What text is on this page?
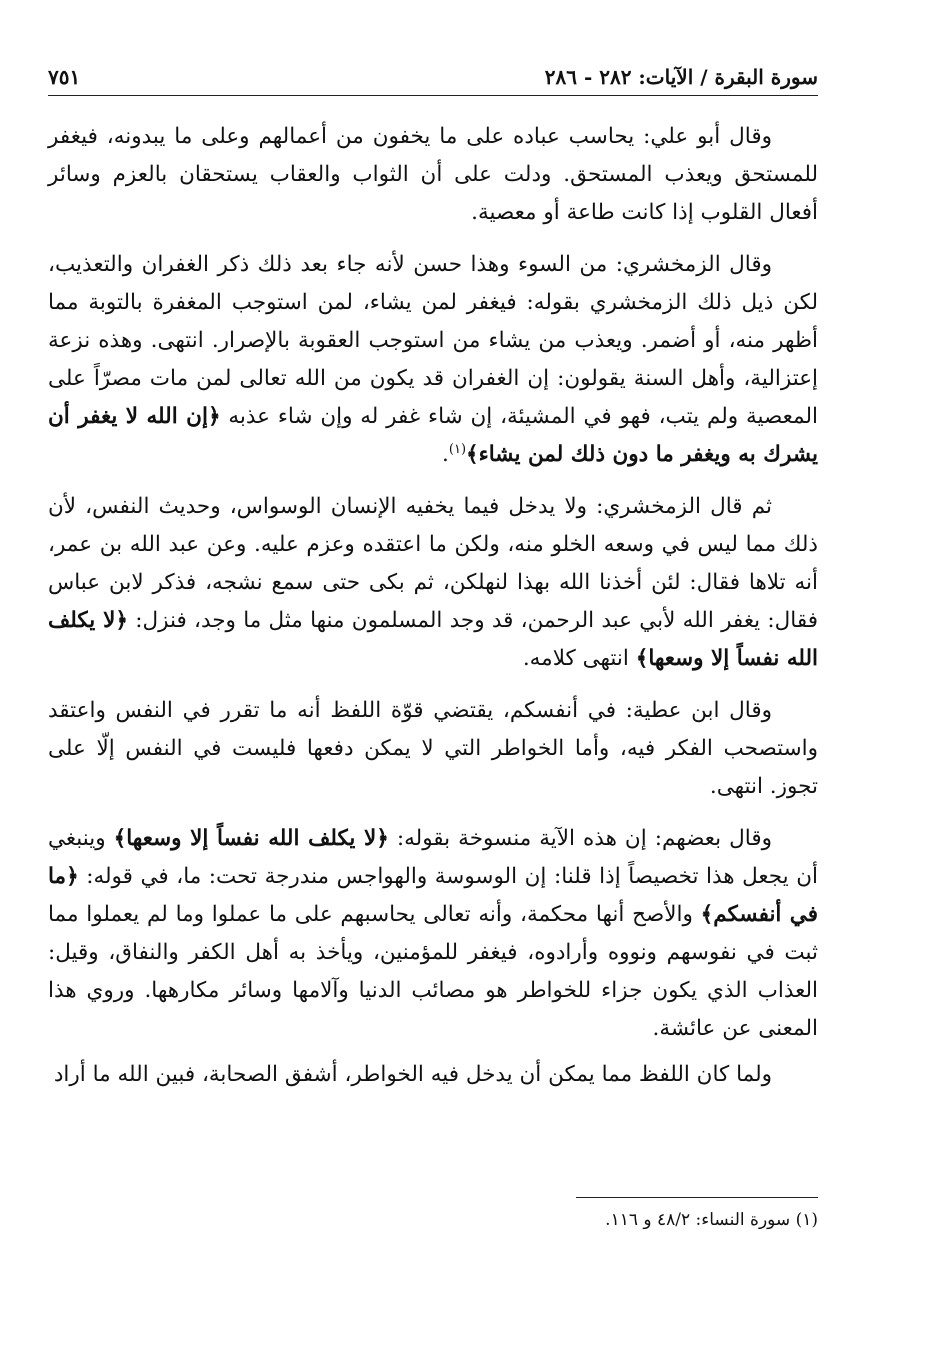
سورة البقرة / الآيات: ٢٨٢ - ٢٨٦
٧٥١

وقال أبو علي: يحاسب عباده على ما يخفون من أعمالهم وعلى ما يبدونه، فيغفر للمستحق ويعذب المستحق. ودلت على أن الثواب والعقاب يستحقان بالعزم وسائر أفعال القلوب إذا كانت طاعة أو معصية.

وقال الزمخشري: من السوء وهذا حسن لأنه جاء بعد ذلك ذكر الغفران والتعذيب، لكن ذيل ذلك الزمخشري بقوله: فيغفر لمن يشاء، لمن استوجب المغفرة بالتوبة مما أظهر منه، أو أضمر. ويعذب من يشاء من استوجب العقوبة بالإصرار. انتهى. وهذه نزعة إعتزالية، وأهل السنة يقولون: إن الغفران قد يكون من الله تعالى لمن مات مصرّاً على المعصية ولم يتب، فهو في المشيئة، إن شاء غفر له وإن شاء عذبه ﴿إن الله لا يغفر أن يشرك به ويغفر ما دون ذلك لمن يشاء﴾$^{(١)}$.

ثم قال الزمخشري: ولا يدخل فيما يخفيه الإنسان الوسواس، وحديث النفس، لأن ذلك مما ليس في وسعه الخلو منه، ولكن ما اعتقده وعزم عليه. وعن عبد الله بن عمر، أنه تلاها فقال: لئن أخذنا الله بهذا لنهلكن، ثم بكى حتى سمع نشجه، فذكر لابن عباس فقال: يغفر الله لأبي عبد الرحمن، قد وجد المسلمون منها مثل ما وجد، فنزل: ﴿لا يكلف الله نفساً إلا وسعها﴾ انتهى كلامه.

وقال ابن عطية: في أنفسكم، يقتضي قوّة اللفظ أنه ما تقرر في النفس واعتقد واستصحب الفكر فيه، وأما الخواطر التي لا يمكن دفعها فليست في النفس إلّا على تجوز. انتهى.

وقال بعضهم: إن هذه الآية منسوخة بقوله: ﴿لا يكلف الله نفساً إلا وسعها﴾ وينبغي أن يجعل هذا تخصيصاً إذا قلنا: إن الوسوسة والهواجس مندرجة تحت: ما، في قوله: ﴿ما في أنفسكم﴾ والأصح أنها محكمة، وأنه تعالى يحاسبهم على ما عملوا وما لم يعملوا مما ثبت في نفوسهم ونووه وأرادوه، فيغفر للمؤمنين، ويأخذ به أهل الكفر والنفاق، وقيل: العذاب الذي يكون جزاء للخواطر هو مصائب الدنيا وآلامها وسائر مكارهها. وروي هذا المعنى عن عائشة.

ولما كان اللفظ مما يمكن أن يدخل فيه الخواطر، أشفق الصحابة، فبين الله ما أراد

(١) سورة النساء: ٤٨/٢ و ١١٦.
